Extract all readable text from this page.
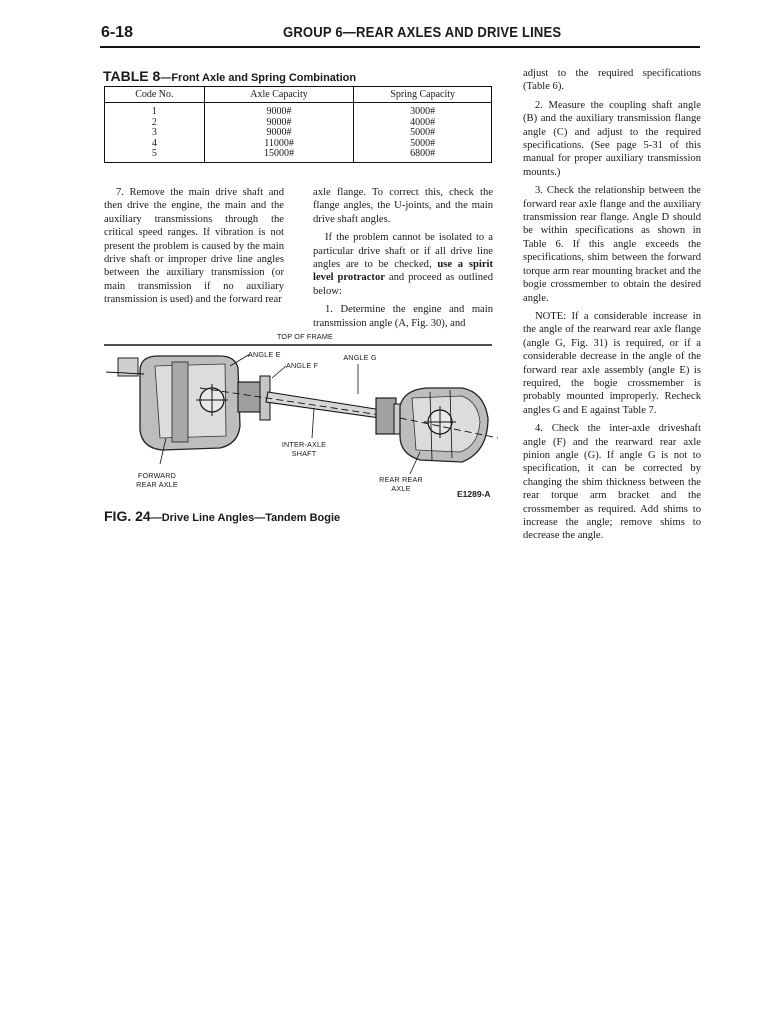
6-18	GROUP 6—REAR AXLES AND DRIVE LINES
TABLE 8—Front Axle and Spring Combination
Code No.	Axle Capacity	Spring Capacity
1	9000#	3000#
2	9000#	4000#
3	9000#	5000#
4	11000#	5000#
5	15000#	6800#

7. Remove the main drive shaft and then drive the engine, the main and the auxiliary transmissions through the critical speed ranges. If vibration is not present the problem is caused by the main drive shaft or improper drive line angles between the auxiliary transmission (or main transmission if no auxiliary transmission is used) and the forward rear

axle flange. To correct this, check the flange angles, the U-joints, and the main drive shaft angles.

If the problem cannot be isolated to a particular drive shaft or if all drive line angles are to be checked, use a spirit level protractor and proceed as outlined below:

1. Determine the engine and main transmission angle (A, Fig. 30), and

adjust to the required specifications (Table 6).

2. Measure the coupling shaft angle (B) and the auxiliary transmission flange angle (C) and adjust to the required specifications. (See page 5-31 of this manual for proper auxiliary transmission mounts.)

3. Check the relationship between the forward rear axle flange and the auxiliary transmission rear flange. Angle D should be within specifications as shown in Table 6. If this angle exceeds the specifications, shim between the forward torque arm rear mounting bracket and the bogie crossmember to obtain the desired angle.

NOTE: If a considerable increase in the angle of the rearward rear axle flange (angle G, Fig. 31) is required, or if a considerable decrease in the angle of the forward rear axle assembly (angle E) is required, the bogie crossmember is probably mounted improperly. Recheck angles G and E against Table 7.

4. Check the inter-axle driveshaft angle (F) and the rearward rear axle pinion angle (G). If angle G is not to specification, it can be corrected by changing the shim thickness between the rear torque arm bracket and the crossmember as required. Add shims to increase the angle; remove shims to decrease the angle.

TOP OF FRAME
ANGLE E
ANGLE F
ANGLE G
INTER-AXLE
SHAFT
FORWARD
REAR AXLE
REAR REAR
AXLE
E1289-A
FIG. 24—Drive Line Angles—Tandem Bogie
